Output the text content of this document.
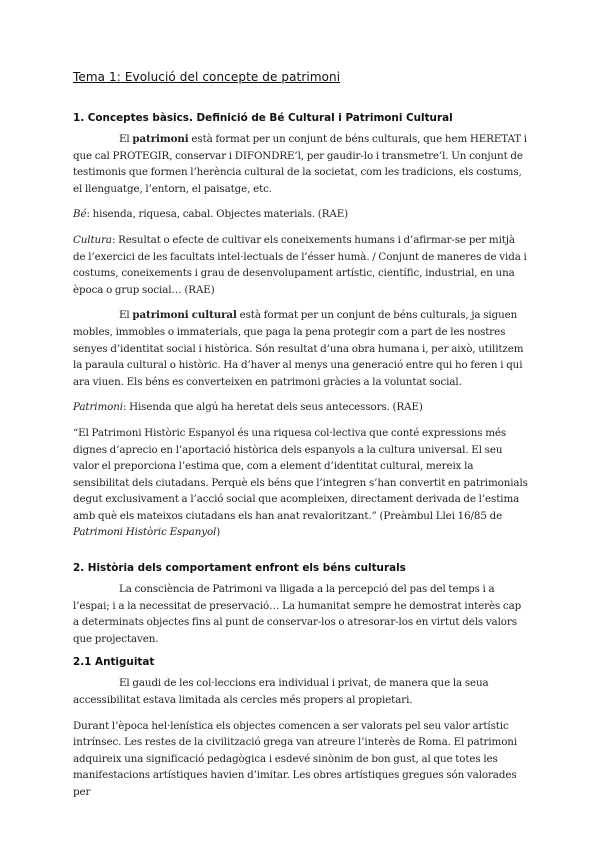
Tema 1: Evolució del concepte de patrimoni
1. Conceptes bàsics. Definició de Bé Cultural i Patrimoni Cultural

El patrimoni està format per un conjunt de béns culturals, que hem HERETAT i que cal PROTEGIR, conservar i DIFONDRE’l, per gaudir-lo i transmetre’l. Un conjunt de testimonis que formen l’herència cultural de la societat, com les tradicions, els costums, el llenguatge, l’entorn, el paisatge, etc.

Bé: hisenda, riquesa, cabal. Objectes materials. (RAE)

Cultura: Resultat o efecte de cultivar els coneixements humans i d’afirmar-se per mitjà de l’exercici de les facultats intel·lectuals de l’ésser humà. / Conjunt de maneres de vida i costums, coneixements i grau de desenvolupament artístic, científic, industrial, en una època o grup social… (RAE)

El patrimoni cultural està format per un conjunt de béns culturals, ja siguen mobles, immobles o immaterials, que paga la pena protegir com a part de les nostres senyes d’identitat social i històrica. Són resultat d’una obra humana i, per això, utilitzem la paraula cultural o històric. Ha d’haver al menys una generació entre qui ho feren i qui ara viuen. Els béns es converteixen en patrimoni gràcies a la voluntat social.

Patrimoni: Hisenda que algú ha heretat dels seus antecessors. (RAE)

“El Patrimoni Històric Espanyol és una riquesa col·lectiva que conté expressions més dignes d’aprecio en l’aportació històrica dels espanyols a la cultura universal. El seu valor el preporciona l’estima que, com a element d’identitat cultural, mereix la sensibilitat dels ciutadans. Perquè els béns que l’integren s’han convertit en patrimonials degut exclusivament a l’acció social que acompleixen, directament derivada de l’estima amb què els mateixos ciutadans els han anat revaloritzant.” (Preàmbul Llei 16/85 de Patrimoni Històric Espanyol)

2. Història dels comportament enfront els béns culturals

La consciència de Patrimoni va lligada a la percepció del pas del temps i a l’espai; i a la necessitat de preservació… La humanitat sempre he demostrat interès cap a determinats objectes fins al punt de conservar-los o atresorar-los en virtut dels valors que projectaven.

2.1 Antiguitat

El gaudi de les col·leccions era individual i privat, de manera que la seua accessibilitat estava limitada als cercles més propers al propietari.

Durant l’època hel·lenística els objectes comencen a ser valorats pel seu valor artístic intrínsec. Les restes de la civilització grega van atreure l’interès de Roma. El patrimoni adquireix una significació pedagògica i esdevé sinònim de bon gust, al que totes les manifestacions artístiques havien d’imitar. Les obres artístiques gregues són valorades per
